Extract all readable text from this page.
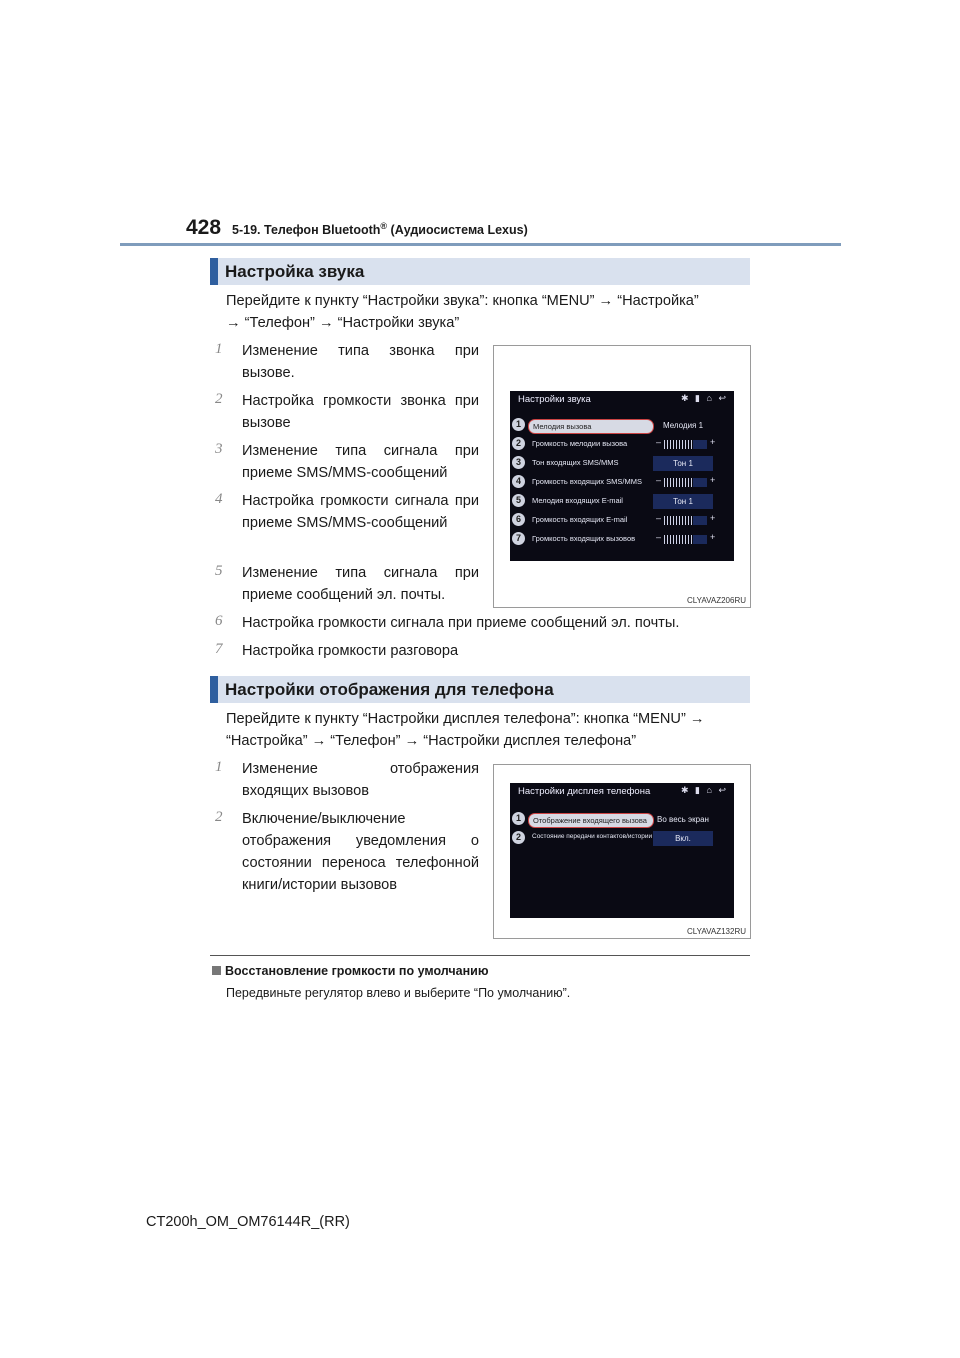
428 5-19. Телефон Bluetooth® (Аудиосистема Lexus)
Настройка звука
Перейдите к пункту “Настройки звука”: кнопка “MENU” → “Настройка”
→ “Телефон” → “Настройки звука”
1 Изменение типа звонка при вызове.
2 Настройка громкости звонка при вызове
3 Изменение типа сигнала при приеме SMS/MMS-сообщений
4 Настройка громкости сигнала при приеме SMS/MMS-сообщений
5 Изменение типа сигнала при приеме сообщений эл. почты.
6 Настройка громкости сигнала при приеме сообщений эл. почты.
7 Настройка громкости разговора
Настройки звука	✱ ▮ ⌂ ↩
1	Мелодия вызова	Мелодия 1
2	Громкость мелодии вызова	–	+
3	Тон входящих SMS/MMS	Тон 1
4	Громкость входящих SMS/MMS –	+
5	Мелодия входящих E-mail	Тон 1
6	Громкость входящих E-mail	–	+
7	Громкость входящих вызовов –	+
CLYAVAZ206RU
Настройки отображения для телефона
Перейдите к пункту “Настройки дисплея телефона”: кнопка “MENU” →
“Настройка” → “Телефон” → “Настройки дисплея телефона”
1 Изменение отображения входящих вызовов
2 Включение/выключение отображения уведомления о состоянии переноса телефонной книги/истории вызовов
Настройки дисплея телефона	✱ ▮ ⌂ ↩
1	Отображение входящего вызова	Во весь экран
2	Состояние передачи контактов/истории	Вкл.
CLYAVAZ132RU
Восстановление громкости по умолчанию
Передвиньте регулятор влево и выберите “По умолчанию”.
CT200h_OM_OM76144R_(RR)
